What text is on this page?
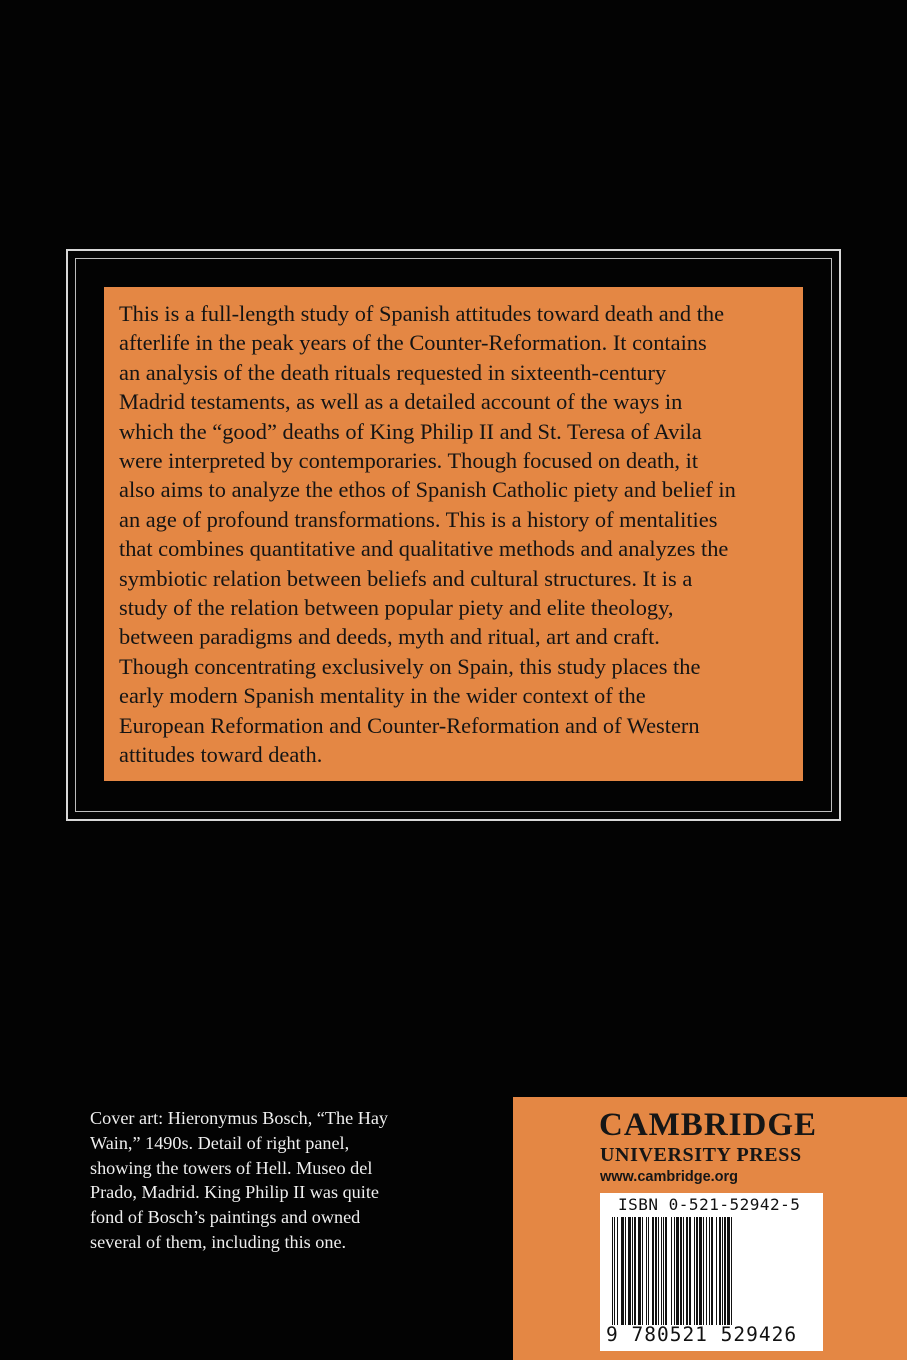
This is a full-length study of Spanish attitudes toward death and the
afterlife in the peak years of the Counter-Reformation. It contains
an analysis of the death rituals requested in sixteenth-century
Madrid testaments, as well as a detailed account of the ways in
which the “good” deaths of King Philip II and St. Teresa of Avila
were interpreted by contemporaries. Though focused on death, it
also aims to analyze the ethos of Spanish Catholic piety and belief in
an age of profound transformations. This is a history of mentalities
that combines quantitative and qualitative methods and analyzes the
symbiotic relation between beliefs and cultural structures. It is a
study of the relation between popular piety and elite theology,
between paradigms and deeds, myth and ritual, art and craft.
Though concentrating exclusively on Spain, this study places the
early modern Spanish mentality in the wider context of the
European Reformation and Counter-Reformation and of Western
attitudes toward death.
Cover art: Hieronymus Bosch, “The Hay
Wain,” 1490s. Detail of right panel,
showing the towers of Hell. Museo del
Prado, Madrid. King Philip II was quite
fond of Bosch’s paintings and owned
several of them, including this one.
CAMBRIDGE
UNIVERSITY PRESS
www.cambridge.org
ISBN 0-521-52942-5
9 780521 529426
